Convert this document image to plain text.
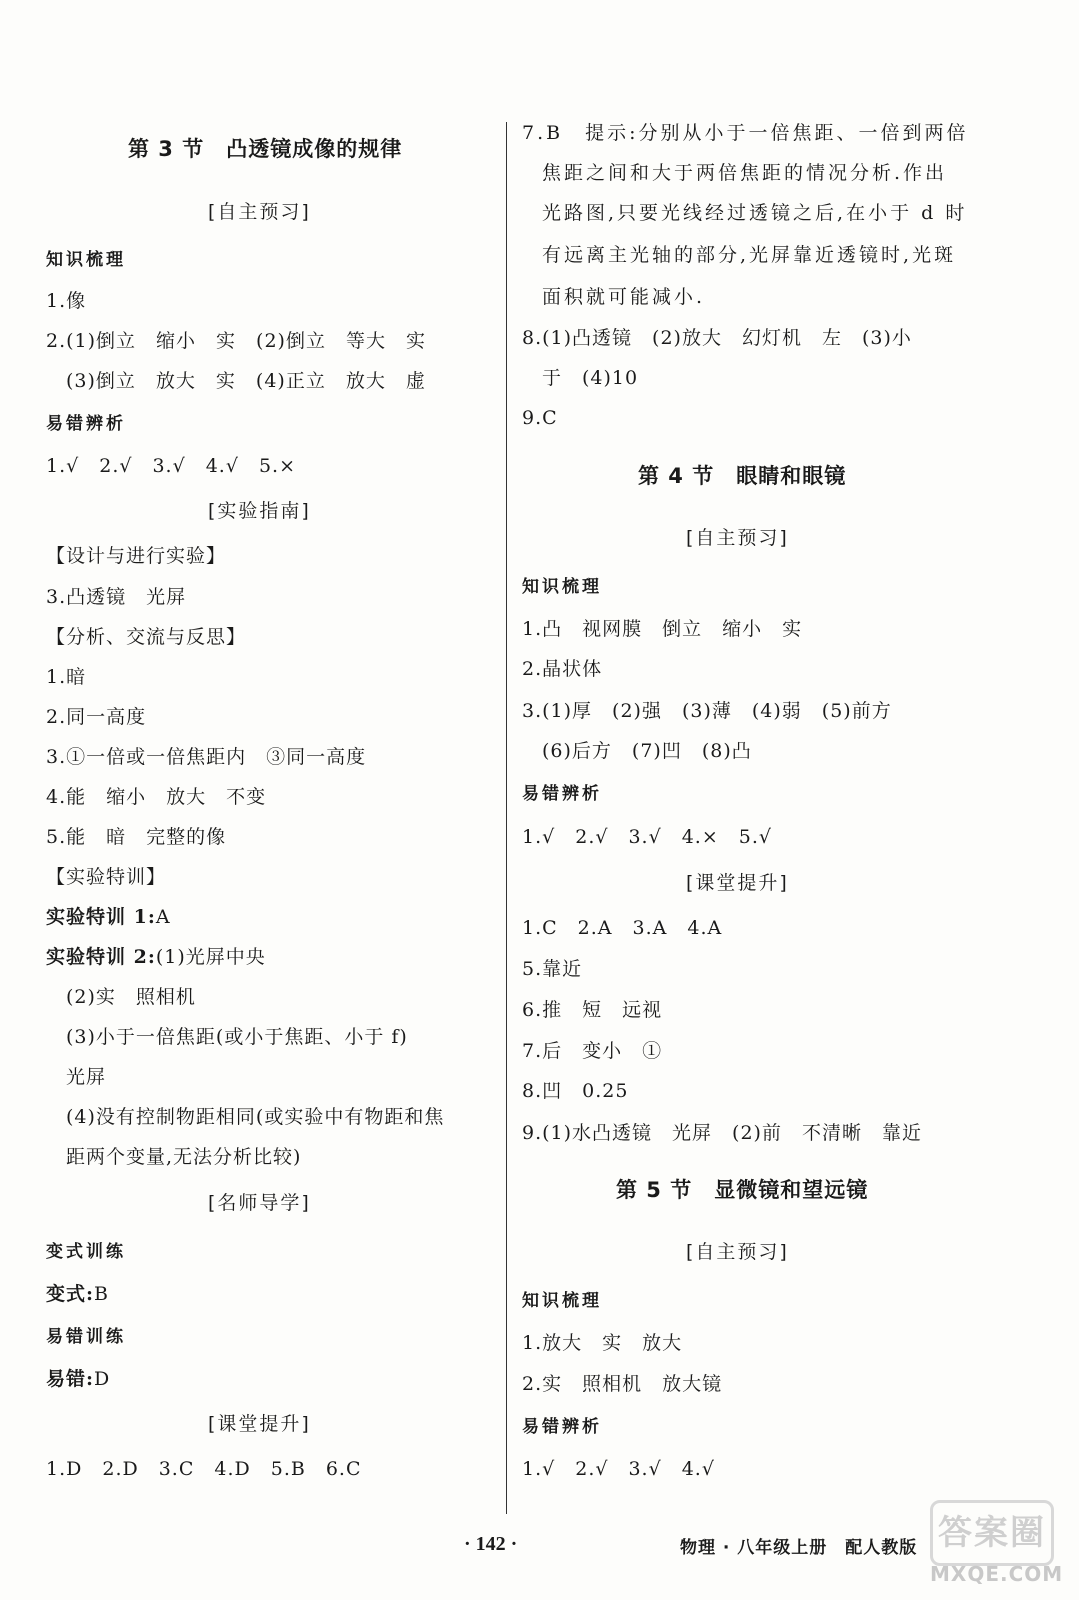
第 3 节　凸透镜成像的规律
[自主预习]
知识梳理
1.像
2.(1)倒立　缩小　实　(2)倒立　等大　实
(3)倒立　放大　实　(4)正立　放大　虚
易错辨析
1.√　2.√　3.√　4.√　5.×
[实验指南]
【设计与进行实验】
3.凸透镜　光屏
【分析、交流与反思】
1.暗
2.同一高度
3.①一倍或一倍焦距内　③同一高度
4.能　缩小　放大　不变
5.能　暗　完整的像
【实验特训】
实验特训 1:A
实验特训 2:(1)光屏中央
(2)实　照相机
(3)小于一倍焦距(或小于焦距、小于 f)
光屏
(4)没有控制物距相同(或实验中有物距和焦
距两个变量,无法分析比较)
[名师导学]
变式训练
变式:B
易错训练
易错:D
[课堂提升]
1.D　2.D　3.C　4.D　5.B　6.C
7.B　提示:分别从小于一倍焦距、一倍到两倍
焦距之间和大于两倍焦距的情况分析.作出
光路图,只要光线经过透镜之后,在小于 d 时
有远离主光轴的部分,光屏靠近透镜时,光斑
面积就可能减小.
8.(1)凸透镜　(2)放大　幻灯机　左　(3)小
于　(4)10
9.C
第 4 节　眼睛和眼镜
[自主预习]
知识梳理
1.凸　视网膜　倒立　缩小　实
2.晶状体
3.(1)厚　(2)强　(3)薄　(4)弱　(5)前方
(6)后方　(7)凹　(8)凸
易错辨析
1.√　2.√　3.√　4.×　5.√
[课堂提升]
1.C　2.A　3.A　4.A
5.靠近
6.推　短　远视
7.后　变小　①
8.凹　0.25
9.(1)水凸透镜　光屏　(2)前　不清晰　靠近
第 5 节　显微镜和望远镜
[自主预习]
知识梳理
1.放大　实　放大
2.实　照相机　放大镜
易错辨析
1.√　2.√　3.√　4.√
· 142 ·	物理 · 八年级上册　配人教版 答案圈
MXQE.COM
